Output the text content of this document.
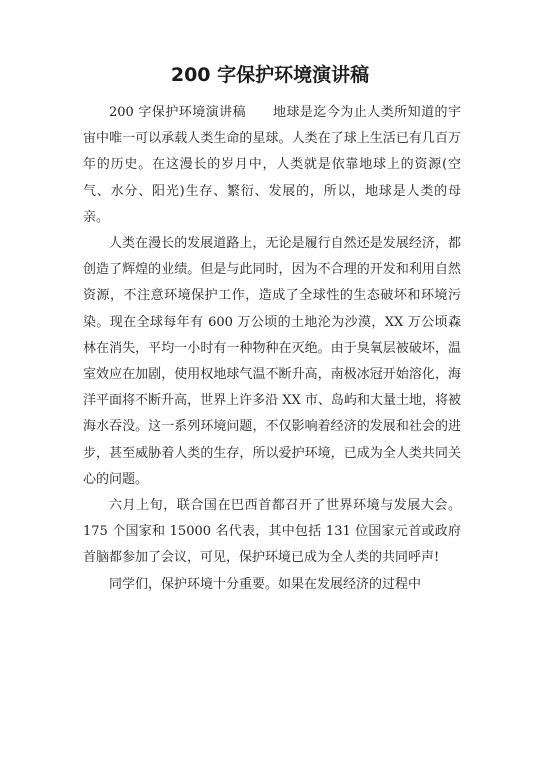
200 字保护环境演讲稿

200 字保护环境演讲稿　　地球是迄今为止人类所知道的宇宙中唯一可以承载人类生命的星球。人类在了球上生活已有几百万年的历史。在这漫长的岁月中，人类就是依靠地球上的资源(空气、水分、阳光)生存、繁衍、发展的，所以，地球是人类的母亲。

人类在漫长的发展道路上，无论是履行自然还是发展经济，都创造了辉煌的业绩。但是与此同时，因为不合理的开发和利用自然资源，不注意环境保护工作，造成了全球性的生态破坏和环境污染。现在全球每年有 600 万公顷的土地沦为沙漠，XX 万公顷森林在消失，平均一小时有一种物种在灭绝。由于臭氧层被破坏，温室效应在加剧，使用权地球气温不断升高，南极冰冠开始溶化，海洋平面将不断升高，世界上许多沿 XX 市、岛屿和大量土地，将被海水吞没。这一系列环境问题，不仅影响着经济的发展和社会的进步，甚至威胁着人类的生存，所以爱护环境，已成为全人类共同关心的问题。

六月上旬，联合国在巴西首都召开了世界环境与发展大会。175 个国家和 15000 名代表，其中包括 131 位国家元首或政府首脑都参加了会议，可见，保护环境已成为全人类的共同呼声!

同学们，保护环境十分重要。如果在发展经济的过程中
